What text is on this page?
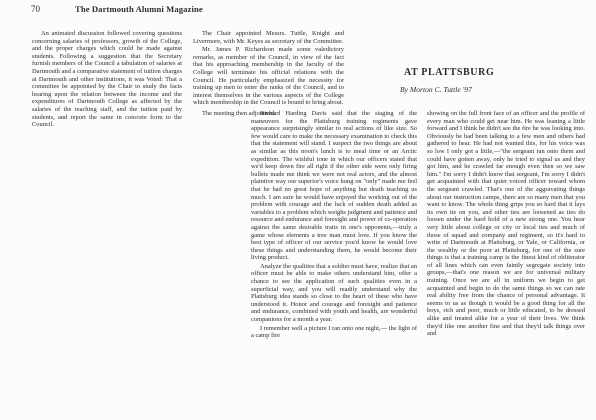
70	The Dartmouth Alumni Magazine

An animated discussion followed covering questions concerning salaries of professors, growth of the College, and the proper charges which could be made against students. Following a suggestion that the Secretary furnish members of the Council a tabulation of salaries at Dartmouth and a comparative statement of tuition charges at Dartmouth and other institutions, it was Voted: That a committee be appointed by the Chair to study the facts bearing upon the relation between the income and the expenditures of Dartmouth College as affected by the salaries of the teaching staff, and the tuition paid by students, and report the same in concrete form to the Council.

The Chair appointed Messrs. Tuttle, Knight and Livermore, with Mr. Keyes as secretary of the Committee.

Mr. James P. Richardson made some valedictory remarks, as member of the Council, in view of the fact that his approaching membership in the faculty of the College will terminate his official relations with the Council. He particularly emphasized the necessity for training up men to enter the ranks of the Council, and to interest themselves in the various aspects of the College which membership in the Council is bound to bring about.

The meeting then adjourned.

AT PLATTSBURG
By Morton C. Tuttle '97

Richard Harding Davis said that the staging of the maneuvers for the Plattsburg training regiments gave appearance surprisingly similar to real actions of like size. So few would care to make the necessary examination to check this that the statement will stand. I suspect the two things are about as similar as this noon's lunch is to meal time or an Arctic expedition. The wishful tone in which our officers stated that we'd keep down fire all right if the other side were only firing bullets made me think we were not real actors, and the almost plaintive way our superior's voice hung on "only" made me feel that he had no great hope of anything but death teaching us much. I am sure he would have enjoyed the working out of the problem with courage and the luck of sudden death added as variables to a problem which weighs judgment and patience and resource and endurance and foresight and power of co-operation against the same desirable traits in one's opponents,—truly a game whose elements a tree man must love. If you know the best type of officer of our service you'd know he would love these things and understanding them, he would become their living product.

Analyze the qualities that a soldier must have, realize that an officer must be able to make others understand him, offer a chance to see the application of such qualities even in a superficial way, and you will readily understand why the Plattsburg idea stands so close to the heart of these who have understood it. Honor and courage and foresight and patience and endurance, combined with youth and health, are wonderful companions for a month a year.

I remember well a picture I ran onto one night,— the light of a camp fire

showing on the full front face of an officer and the profile of every man who could get near him. He was leaning a little forward and I think he didn't see the fire he was looking into. Obviously he had been talking to a few men and others had gathered to hear. He had not wanted this, for his voice was so low I only got a little,—"the sergeant ran onto them and could have gotten away, only he tried to signal us and they got him, and he crawled far enough even then so we saw him." I'm sorry I didn't know that sergeant, I'm sorry I didn't get acquainted with that quiet voiced officer toward whom the sergeant crawled. That's one of the aggravating things about our instruction camps, there are so many men that you want to know. The whole thing grips you so hard that it lays its own tie on you, and other ties are loosened as ties do loosen under the hard hold of a new strong one. You hear very little about college or city or local ties and much of those of squad and company and regiment, so it's hard to write of Dartmouth at Plattsburg, or Yale, or California, or the wealthy or the poor at Plattsburg, for one of the sure things is that a training camp is the finest kind of obliterator of all lines which can even faintly segregate society into groups,—that's one reason we are for universal military training. Once we are all in uniform we begin to get acquainted and begin to do the same things so we can rate real ability free from the chance of personal advantage. It seems to us as though it would be a good thing for all the boys, rich and poor, much or little educated, to be dressed alike and treated alike for a year of their lives. We think they'd like one another fine and that they'd talk things over and
